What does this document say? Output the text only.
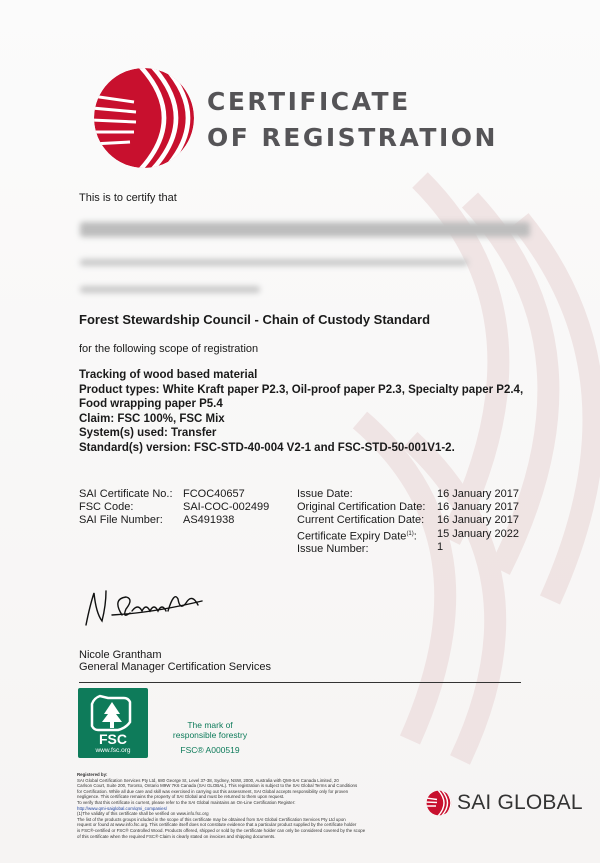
CERTIFICATE
OF REGISTRATION
This is to certify that
Forest Stewardship Council - Chain of Custody Standard
for the following scope of registration
Tracking of wood based material
Product types: White Kraft paper P2.3, Oil-proof paper P2.3, Specialty paper P2.4,
Food wrapping paper P5.4
Claim: FSC 100%, FSC Mix
System(s) used: Transfer
Standard(s) version: FSC-STD-40-004 V2-1 and FSC-STD-50-001V1-2.
SAI Certificate No.:
FSC Code:
SAI File Number:
FCOC40657
SAI-COC-002499
AS491938
Issue Date:
Original Certification Date:
Current Certification Date:
Certificate Expiry Date$^{(1)}$:
Issue Number:
16 January 2017
16 January 2017
16 January 2017
15 January 2022
1
Nicole Grantham
General Manager Certification Services
FSC
www.fsc.org
The mark of
responsible forestry
FSC® A000519
Registered by:
SAI Global Certification Services Pty Ltd, 680 George St, Level 37-38, Sydney, NSW, 2000, Australia with QMI-SAI Canada Limited, 20
Carlson Court, Suite 200, Toronto, Ontario M9W 7K6 Canada (SAI GLOBAL). This registration is subject to the SAI Global Terms and Conditions
for Certification. While all due care and skill was exercised in carrying out this assessment, SAI Global accepts responsibility only for proven
negligence. This certificate remains the property of SAI Global and must be returned to them upon request.
To verify that this certificate is current, please refer to the SAI Global maintains an On-Line Certification Register:
http://www.qmi-saiglobal.com/qmi_companies/
(1)The validity of this certificate shall be verified on www.info.fsc.org
The list of the products groups included in the scope of this certificate may be obtained from SAI Global Certification Services Pty Ltd upon
request or found at www.info.fsc.org. This certificate itself does not constitute evidence that a particular product supplied by the certificate holder
is FSC®-certified or FSC® Controlled Wood. Products offered, shipped or sold by the certificate holder can only be considered covered by the scope
of this certificate when the required FSC® Claim is clearly stated on invoices and shipping documents.
SAI GLOBAL
